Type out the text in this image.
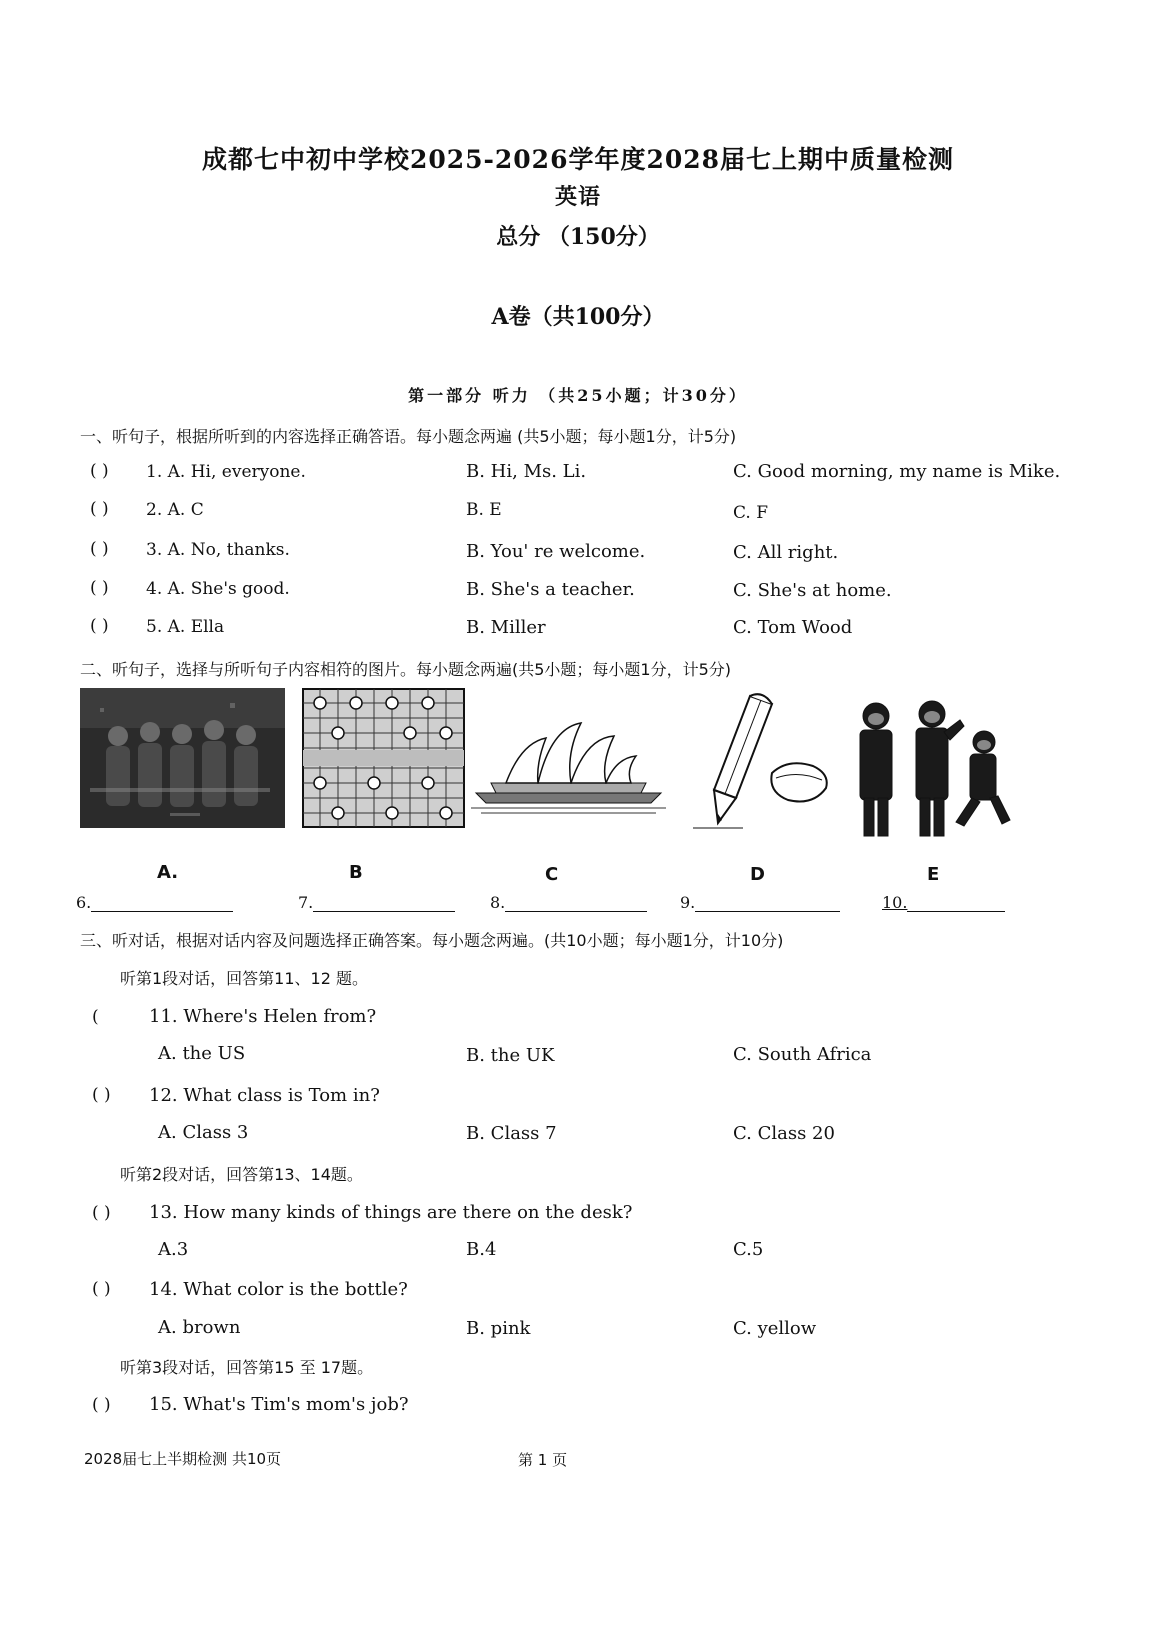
成都七中初中学校2025-2026学年度2028届七上期中质量检测
英语
总分 （150分）
A卷（共100分）
第一部分 听力 （共25小题；计30分）
一、听句子，根据所听到的内容选择正确答语。每小题念两遍 (共5小题；每小题1分，计5分)
( ) 1. A. Hi, everyone.	B. Hi, Ms. Li.	C. Good morning, my name is Mike.
( ) 2. A. C	B. E	C. F
( ) 3. A. No, thanks.	B. You' re welcome.	C. All right.
( ) 4. A. She's good.	B. She's a teacher.	C. She's at home.
( ) 5. A. Ella	B. Miller	C. Tom Wood
二、听句子，选择与所听句子内容相符的图片。每小题念两遍(共5小题；每小题1分，计5分)
A.	B	C	D	E
6.	7.	8.	9.	10.
三、听对话，根据对话内容及问题选择正确答案。每小题念两遍。(共10小题；每小题1分，计10分)
听第1段对话，回答第11、12 题。
(	11. Where's Helen from?
A. the US	B. the UK	C. South Africa
( ) 12. What class is Tom in?
A. Class 3	B. Class 7	C. Class 20
听第2段对话，回答第13、14题。
( ) 13. How many kinds of things are there on the desk?
A.3	B.4	C.5
( ) 14. What color is the bottle?
A. brown	B. pink	C. yellow
听第3段对话，回答第15 至 17题。
( ) 15. What's Tim's mom's job?
2028届七上半期检测 共10页	第 1 页
